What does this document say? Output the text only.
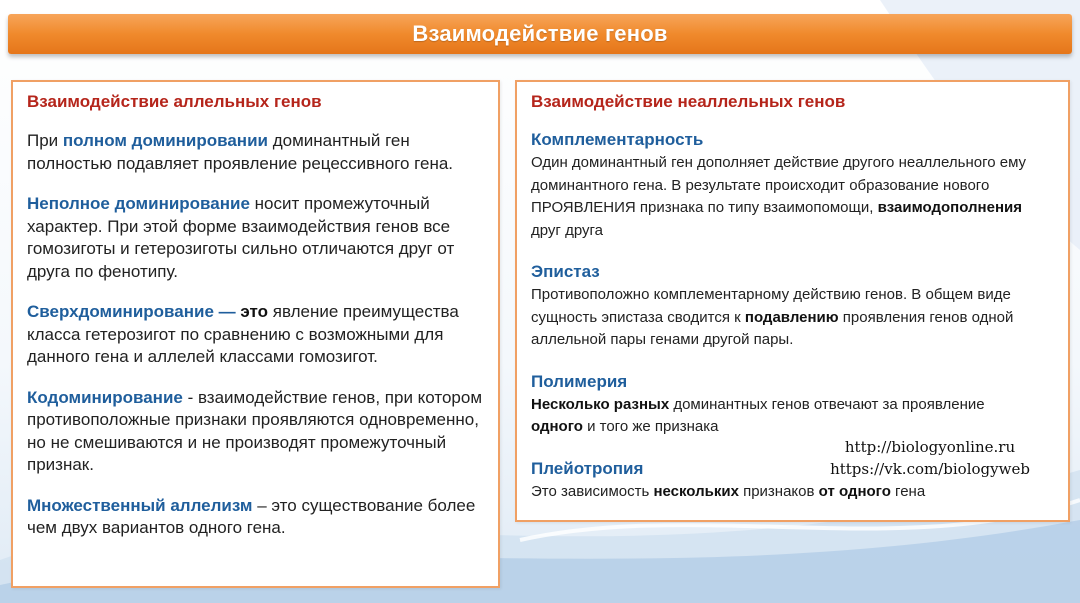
Взаимодействие генов
Взаимодействие аллельных генов
При полном доминировании доминантный ген полностью подавляет проявление рецессивного гена.
Неполное доминирование носит промежуточный характер. При этой форме взаимодействия генов все гомозиготы и гетерозиготы сильно отличаются друг от друга по фенотипу.
Сверхдоминирование — это явление преимущества класса гетерозигот по сравнению с возможными для данного гена и аллелей классами гомозигот.
Кодоминирование - взаимодействие генов, при котором противоположные признаки проявляются одновременно, но не смешиваются и не производят промежуточный признак.
Множественный аллелизм – это существование более чем двух вариантов одного гена.
Взаимодействие неаллельных генов
Комплементарность
Один доминантный ген дополняет действие другого неаллельного ему доминантного гена. В результате происходит образование нового ПРОЯВЛЕНИЯ признака по типу взаимопомощи, взаимодополнения друг друга
Эпистаз
Противоположно комплементарному действию генов. В общем виде сущность эпистаза сводится к подавлению проявления генов одной аллельной пары генами другой пары.
Полимерия
Несколько разных доминантных генов отвечают за проявление одного и того же признака
Плейотропия
Это зависимость нескольких признаков от одного гена
http://biologyonline.ru
https://vk.com/biologyweb
